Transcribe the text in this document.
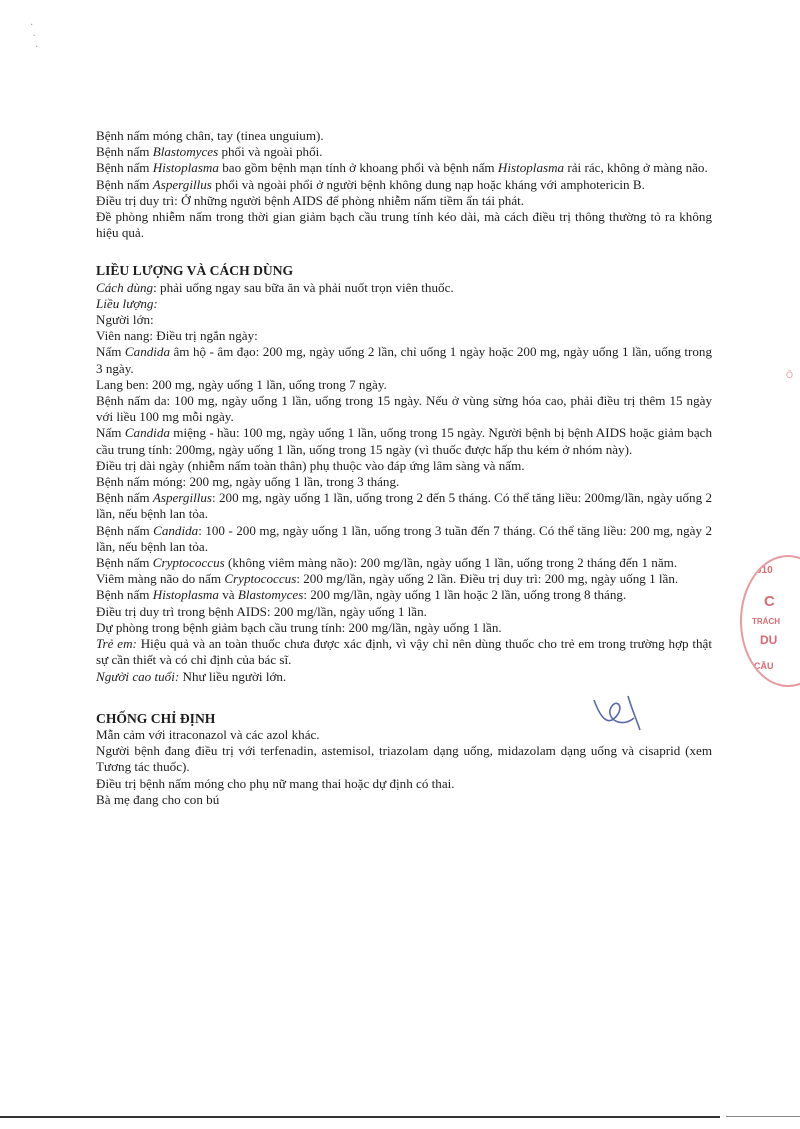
·
·
·

Bệnh nấm móng chân, tay (tinea unguium).

Bệnh nấm Blastomyces phổi và ngoài phổi.

Bệnh nấm Histoplasma bao gồm bệnh mạn tính ở khoang phổi và bệnh nấm Histoplasma rải rác, không ở màng não.

Bệnh nấm Aspergillus phổi và ngoài phổi ở người bệnh không dung nạp hoặc kháng với amphotericin B.

Điều trị duy trì: Ở những người bệnh AIDS để phòng nhiễm nấm tiềm ẩn tái phát.

Đề phòng nhiễm nấm trong thời gian giảm bạch cầu trung tính kéo dài, mà cách điều trị thông thường tỏ ra không hiệu quả.

LIỀU LƯỢNG VÀ CÁCH DÙNG

Cách dùng: phải uống ngay sau bữa ăn và phải nuốt trọn viên thuốc.

Liều lượng:

Người lớn:

Viên nang: Điều trị ngắn ngày:

Nấm Candida âm hộ - âm đạo: 200 mg, ngày uống 2 lần, chỉ uống 1 ngày hoặc 200 mg, ngày uống 1 lần, uống trong 3 ngày.

Lang ben: 200 mg, ngày uống 1 lần, uống trong 7 ngày.

Bệnh nấm da: 100 mg, ngày uống 1 lần, uống trong 15 ngày. Nếu ở vùng sừng hóa cao, phải điều trị thêm 15 ngày với liều 100 mg mỗi ngày.

Nấm Candida miệng - hầu: 100 mg, ngày uống 1 lần, uống trong 15 ngày. Người bệnh bị bệnh AIDS hoặc giảm bạch cầu trung tính: 200mg, ngày uống 1 lần, uống trong 15 ngày (vì thuốc được hấp thu kém ở nhóm này).

Điều trị dài ngày (nhiễm nấm toàn thân) phụ thuộc vào đáp ứng lâm sàng và nấm.

Bệnh nấm móng: 200 mg, ngày uống 1 lần, trong 3 tháng.

Bệnh nấm Aspergillus: 200 mg, ngày uống 1 lần, uống trong 2 đến 5 tháng. Có thể tăng liều: 200mg/lần, ngày uống 2 lần, nếu bệnh lan tỏa.

Bệnh nấm Candida: 100 - 200 mg, ngày uống 1 lần, uống trong 3 tuần đến 7 tháng. Có thể tăng liều: 200 mg, ngày 2 lần, nếu bệnh lan tỏa.

Bệnh nấm Cryptococcus (không viêm màng não): 200 mg/lần, ngày uống 1 lần, uống trong 2 tháng đến 1 năm.

Viêm màng não do nấm Cryptococcus: 200 mg/lần, ngày uống 2 lần. Điều trị duy trì: 200 mg, ngày uống 1 lần.

Bệnh nấm Histoplasma và Blastomyces: 200 mg/lần, ngày uống 1 lần hoặc 2 lần, uống trong 8 tháng.

Điều trị duy trì trong bệnh AIDS: 200 mg/lần, ngày uống 1 lần.

Dự phòng trong bệnh giảm bạch cầu trung tính: 200 mg/lần, ngày uống 1 lần.

Trẻ em: Hiệu quả và an toàn thuốc chưa được xác định, vì vậy chỉ nên dùng thuốc cho trẻ em trong trường hợp thật sự cần thiết và có chỉ định của bác sĩ.

Người cao tuổi: Như liều người lớn.

CHỐNG CHỈ ĐỊNH

Mẫn cảm với itraconazol và các azol khác.

Người bệnh đang điều trị với terfenadin, astemisol, triazolam dạng uống, midazolam dạng uống và cisaprid (xem Tương tác thuốc).

Điều trị bệnh nấm móng cho phụ nữ mang thai hoặc dự định có thai.

Bà mẹ đang cho con bú

Ô
010
C
TRÁCH
DU
CẦU
